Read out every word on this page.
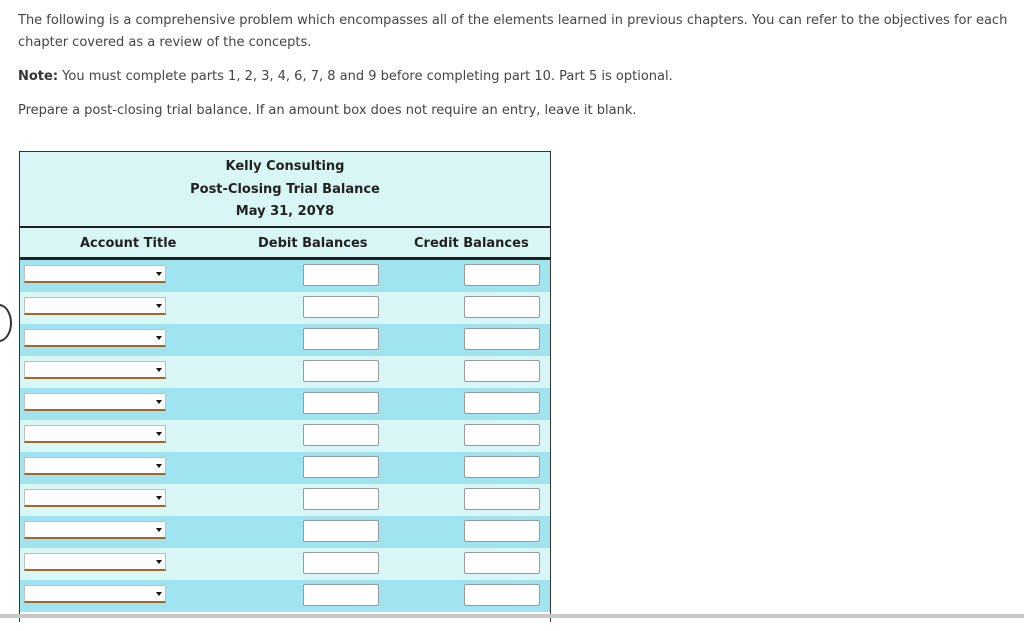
The following is a comprehensive problem which encompasses all of the elements learned in previous chapters. You can refer to the objectives for each chapter covered as a review of the concepts.
Note: You must complete parts 1, 2, 3, 4, 6, 7, 8 and 9 before completing part 10. Part 5 is optional.
Prepare a post-closing trial balance. If an amount box does not require an entry, leave it blank.
Kelly Consulting
Post-Closing Trial Balance
May 31, 20Y8
Account Title	Debit Balances	Credit Balances
